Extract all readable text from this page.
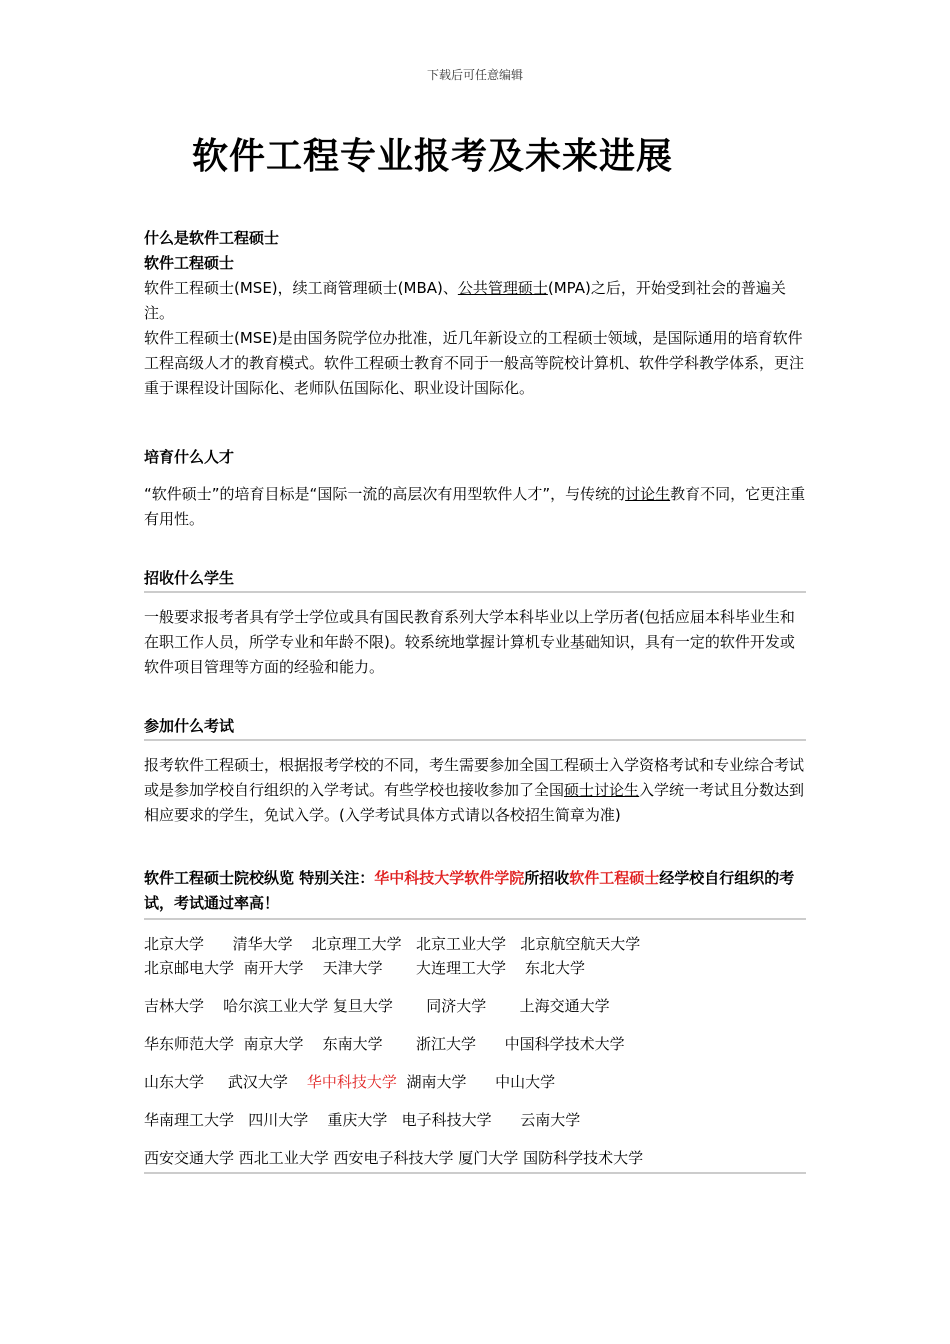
下载后可任意编辑
软件工程专业报考及未来进展

什么是软件工程硕士

软件工程硕士

软件工程硕士(MSE)，续工商管理硕士(MBA)、公共管理硕士(MPA)之后，开始受到社会的普遍关注。

软件工程硕士(MSE)是由国务院学位办批准，近几年新设立的工程硕士领域，是国际通用的培育软件工程高级人才的教育模式。软件工程硕士教育不同于一般高等院校计算机、软件学科教学体系，更注重于课程设计国际化、老师队伍国际化、职业设计国际化。

培育什么人才

“软件硕士”的培育目标是“国际一流的高层次有用型软件人才”，与传统的讨论生教育不同，它更注重有用性。

招收什么学生

一般要求报考者具有学士学位或具有国民教育系列大学本科毕业以上学历者(包括应届本科毕业生和在职工作人员，所学专业和年龄不限)。较系统地掌握计算机专业基础知识，具有一定的软件开发或软件项目管理等方面的经验和能力。

参加什么考试

报考软件工程硕士，根据报考学校的不同，考生需要参加全国工程硕士入学资格考试和专业综合考试或是参加学校自行组织的入学考试。有些学校也接收参加了全国硕士讨论生入学统一考试且分数达到相应要求的学生，免试入学。(入学考试具体方式请以各校招生简章为准)

软件工程硕士院校纵览 特别关注：华中科技大学软件学院所招收软件工程硕士经学校自行组织的考试，考试通过率高！

北京大学      清华大学    北京理工大学   北京工业大学   北京航空航天大学
北京邮电大学  南开大学    天津大学       大连理工大学    东北大学
吉林大学    哈尔滨工业大学 复旦大学       同济大学       上海交通大学
华东师范大学  南京大学    东南大学       浙江大学      中国科学技术大学
山东大学     武汉大学    华中科技大学  湖南大学      中山大学
华南理工大学   四川大学    重庆大学   电子科技大学      云南大学
西安交通大学 西北工业大学 西安电子科技大学 厦门大学 国防科学技术大学
